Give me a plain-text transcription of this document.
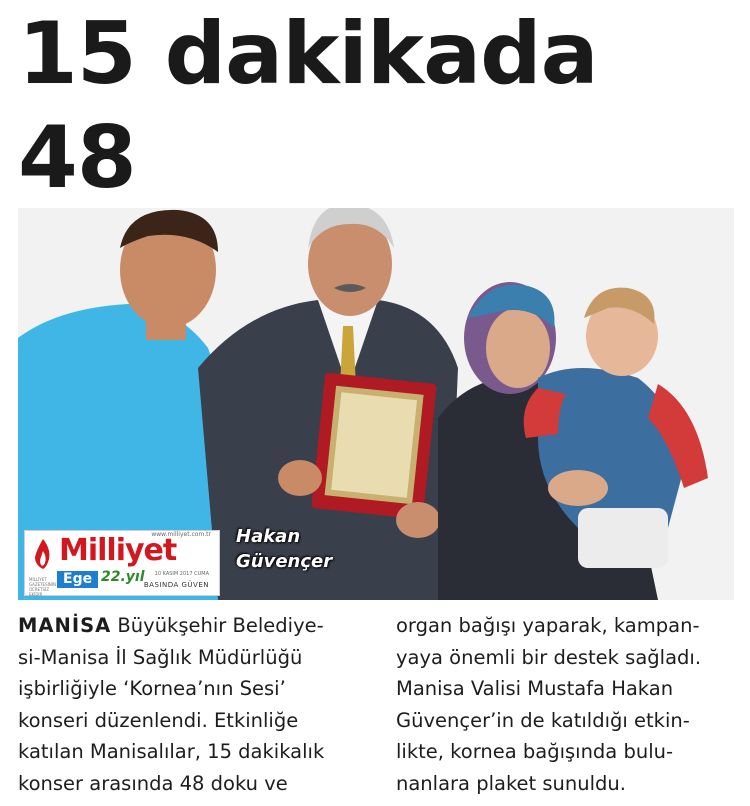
15 dakikada 48
Hakan
Güvençer
Milliyet
www.milliyet.com.tr
MİLLİYET GAZETESİNİN ÜCRETSİZ EKİDİR
Ege 22.yıl 10 KASIM 2017 CUMA
BASINDA GÜVEN
MANİSA Büyükşehir Belediye-
si-Manisa İl Sağlık Müdürlüğü
işbirliğiyle ‘Kornea’nın Sesi’
konseri düzenlendi. Etkinliğe
katılan Manisalılar, 15 dakikalık
konser arasında 48 doku ve
organ bağışı yaparak, kampan-
yaya önemli bir destek sağladı.
Manisa Valisi Mustafa Hakan
Güvençer’in de katıldığı etkin-
likte, kornea bağışında bulu-
nanlara plaket sunuldu.
